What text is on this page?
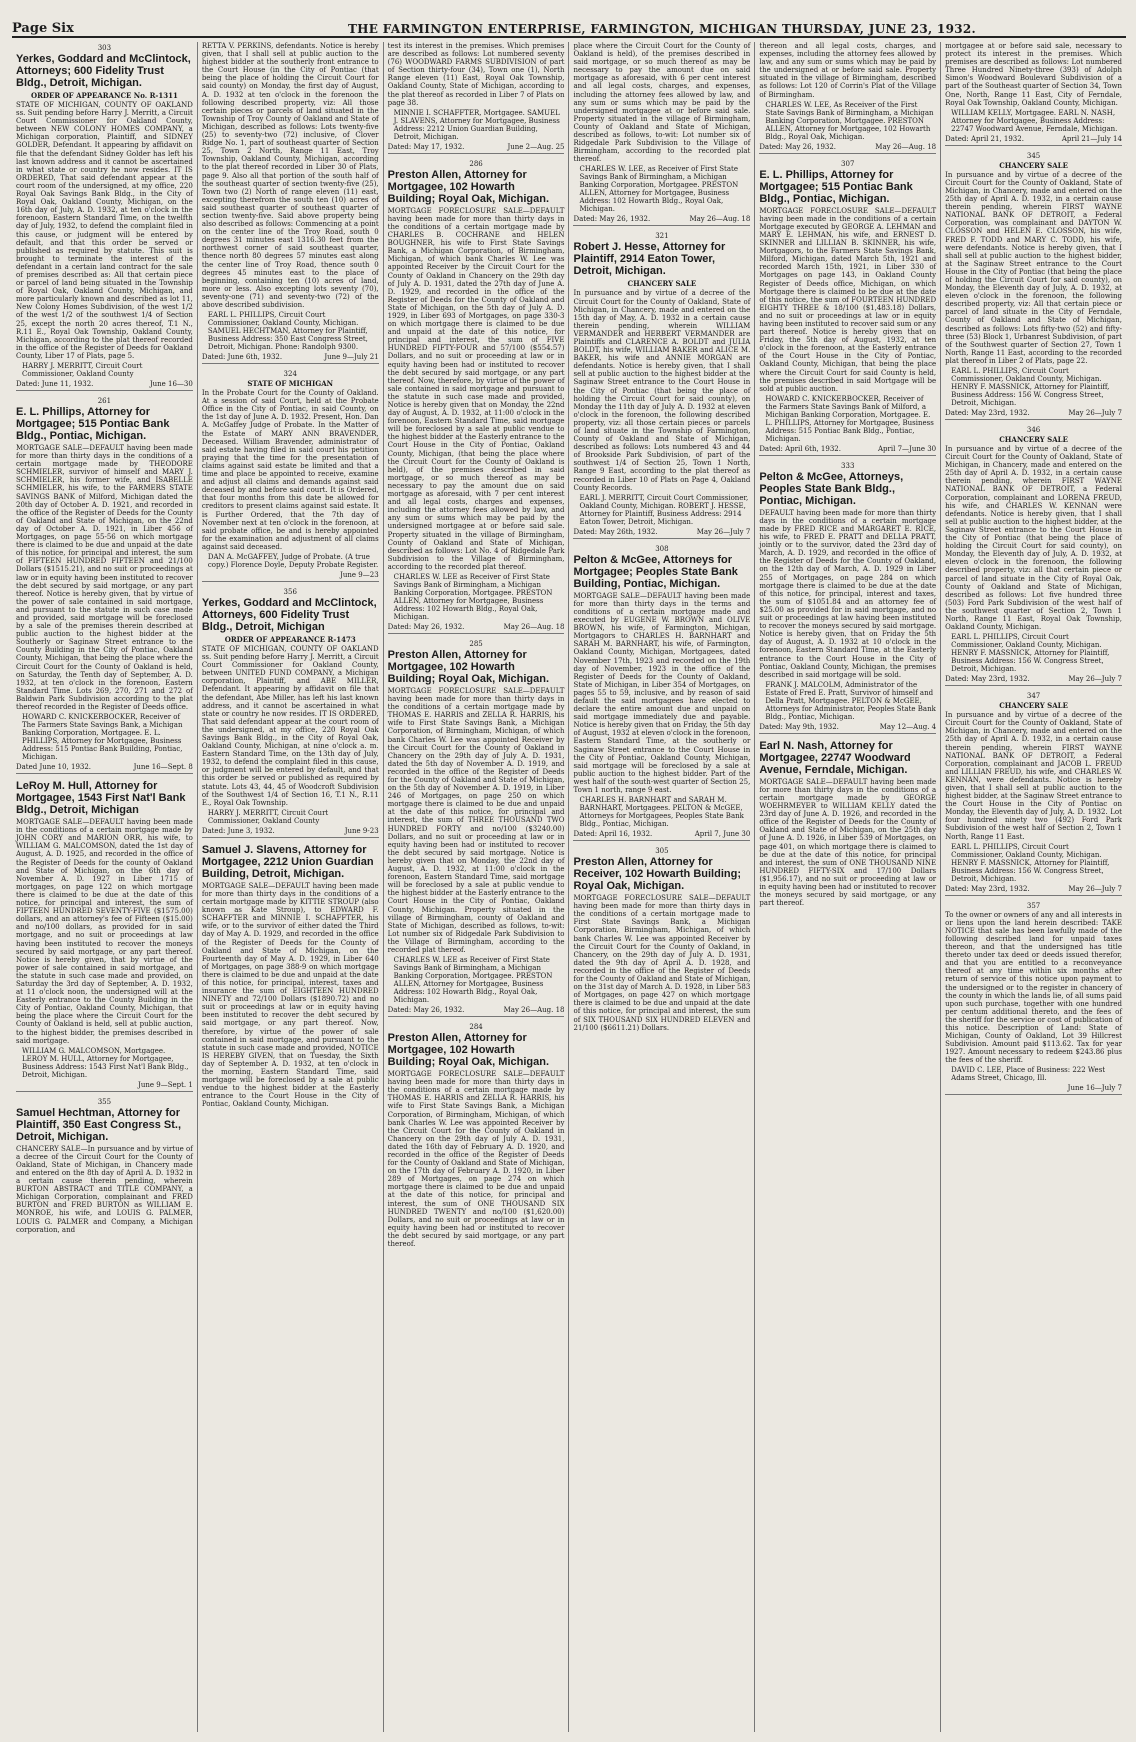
Page Six	THE FARMINGTON ENTERPRISE, FARMINGTON, MICHIGAN THURSDAY, JUNE 23, 1932.
303
Yerkes, Goddard and McClintock, Attorneys; 600 Fidelity Trust Bldg., Detroit, Michigan.
ORDER OF APPEARANCE No. R-1311

STATE OF MICHIGAN, COUNTY OF OAKLAND ss. Suit pending before Harry J. Merritt, a Circuit Court Commissioner for Oakland County, between NEW COLONY HOMES COMPANY, a Michigan corporation, Plaintiff, and SIDNEY GOLDER, Defendant. It appearing by affidavit on file that the defendant Sidney Golder has left his last known address and it cannot be ascertained in what state or country he now resides. IT IS ORDERED, That said defendant appear at the court room of the undersigned, at my office, 220 Royal Oak Savings Bank Bldg., in the City of Royal Oak, Oakland County, Michigan, on the 16th day of July, A. D. 1932, at ten o'clock in the forenoon, Eastern Standard Time, on the twelfth day of July, 1932, to defend the complaint filed in this cause, or judgment will be entered by default, and that this order be served or published as required by statute. This suit is brought to terminate the interest of the defendant in a certain land contract for the sale of premises described as: All that certain piece or parcel of land being situated in the Township of Royal Oak, Oakland County, Michigan, and more particularly known and described as lot 11, New Colony Homes Subdivision, of the west 1/2 of the west 1/2 of the southwest 1/4 of Section 25, except the north 20 acres thereof, T.1 N., R.11 E., Royal Oak Township, Oakland County, Michigan, according to the plat thereof recorded in the office of the Register of Deeds for Oakland County, Liber 17 of Plats, page 5.

HARRY J. MERRITT, Circuit Court Commissioner, Oakland County
Dated: June 11, 1932.	June 16—30
261
E. L. Phillips, Attorney for Mortgagee; 515 Pontiac Bank Bldg., Pontiac, Michigan.

MORTGAGE SALE—DEFAULT having been made for more than thirty days in the conditions of a certain mortgage made by THEODORE SCHMIELER, survivor of himself and MARY J. SCHMIELER, his former wife, and ISABELLE SCHMIELER, his wife, to the FARMERS STATE SAVINGS BANK of Milford, Michigan dated the 20th day of October A. D. 1921, and recorded in the office of the Register of Deeds for the County of Oakland and State of Michigan, on the 22nd day of October A. D. 1921, in Liber 456 of Mortgages, on page 55-56 on which mortgage there is claimed to be due and unpaid at the date of this notice, for principal and interest, the sum of FIFTEEN HUNDRED FIFTEEN and 21/100 Dollars ($1515.21), and no suit or proceedings at law or in equity having been instituted to recover the debt secured by said mortgage, or any part thereof. Notice is hereby given, that by virtue of the power of sale contained in said mortgage, and pursuant to the statute in such case made and provided, said mortgage will be foreclosed by a sale of the premises therein described at public auction to the highest bidder at the Southerly or Saginaw Street entrance to the County Building in the City of Pontiac, Oakland County, Michigan, that being the place where the Circuit Court for the County of Oakland is held, on Saturday, the Tenth day of September, A. D. 1932, at ten o'clock in the forenoon, Eastern Standard Time. Lots 269, 270, 271 and 272 of Baldwin Park Subdivision according to the plat thereof recorded in the Register of Deeds office.

HOWARD C. KNICKERBOCKER, Receiver of The Farmers State Savings Bank, a Michigan Banking Corporation, Mortgagee. E. L. PHILLIPS, Attorney for Mortgagee, Business Address: 515 Pontiac Bank Building, Pontiac, Michigan.
Dated June 10, 1932.	June 16—Sept. 8
LeRoy M. Hull, Attorney for Mortgagee, 1543 First Nat'l Bank Bldg., Detroit, Michigan

MORTGAGE SALE—DEFAULT having been made in the conditions of a certain mortgage made by JOHN CORY and MARION ORR, his wife, to WILLIAM G. MALCOMSON, dated the 1st day of August, A. D. 1925, and recorded in the office of the Register of Deeds for the county of Oakland and State of Michigan, on the 6th day of November A. D. 1927 in Liber 1715 of mortgages, on page 122 on which mortgage there is claimed to be due at the date of this notice, for principal and interest, the sum of FIFTEEN HUNDRED SEVENTY-FIVE ($1575.00) dollars, and an attorney's fee of Fifteen ($15.00) and no/100 dollars, as provided for in said mortgage, and no suit or proceedings at law having been instituted to recover the moneys secured by said mortgage, or any part thereof. Notice is hereby given, that by virtue of the power of sale contained in said mortgage, and the statute in such case made and provided, on Saturday the 3rd day of September, A. D. 1932, at 11 o'clock noon, the undersigned will at the Easterly entrance to the County Building in the City of Pontiac, Oakland County, Michigan, that being the place where the Circuit Court for the County of Oakland is held, sell at public auction, to the highest bidder, the premises described in said mortgage.

WILLIAM G. MALCOMSON, Mortgagee. LEROY M. HULL, Attorney for Mortgagee, Business Address: 1543 First Nat'l Bank Bldg., Detroit, Michigan.
June 9—Sept. 1
355
Samuel Hechtman, Attorney for Plaintiff, 350 East Congress St., Detroit, Michigan.

CHANCERY SALE—In pursuance and by virtue of a decree of the Circuit Court for the County of Oakland, State of Michigan, in Chancery made and entered on the 8th day of April A. D. 1932 in a certain cause therein pending, wherein BURTON ABSTRACT and TITLE COMPANY, a Michigan Corporation, complainant and FRED BURTON and FRED BURTON as WILLIAM E. MONROE, his wife, and LOUIS G. PALMER, LOUIS G. PALMER and Company, a Michigan corporation, and

RETTA V. PERKINS, defendants. Notice is hereby given, that I shall sell at public auction to the highest bidder at the southerly front entrance to the Court House (in the City of Pontiac (that being the place of holding the Circuit Court for said county) on Monday, the first day of August, A. D. 1932 at ten o'clock in the forenoon the following described property, viz: All those certain pieces or parcels of land situated in the Township of Troy County of Oakland and State of Michigan, described as follows: Lots twenty-five (25) to seventy-two (72) inclusive, of Clover Ridge No. 1, part of southeast quarter of Section 25, Town 2 North, Range 11 East, Troy Township, Oakland County, Michigan, according to the plat thereof recorded in Liber 30 of Plats, page 9. Also all that portion of the south half of the southeast quarter of section twenty-five (25), Town two (2) North of range eleven (11) east, excepting therefrom the south ten (10) acres of said southeast quarter of southeast quarter of section twenty-five. Said above property being also described as follows: Commencing at a point on the center line of the Troy Road, south 0 degrees 31 minutes east 1316.30 feet from the northwest corner of said southeast quarter, thence north 80 degrees 57 minutes east along the center line of Troy Road, thence south 0 degrees 45 minutes east to the place of beginning, containing ten (10) acres of land, more or less. Also excepting lots seventy (70), seventy-one (71) and seventy-two (72) of the above described subdivision.

EARL L. PHILLIPS, Circuit Court Commissioner, Oakland County, Michigan. SAMUEL HECHTMAN, Attorney for Plaintiff, Business Address: 350 East Congress Street, Detroit, Michigan. Phone: Randolph 9300.
Dated: June 6th, 1932.	June 9—July 21
324
STATE OF MICHIGAN

In the Probate Court for the County of Oakland. At a session of said Court, held at the Probate Office in the City of Pontiac, in said County, on the 1st day of June A. D. 1932. Present, Hon. Dan A. McGaffey Judge of Probate. In the Matter of the Estate of MARY ANN BRAVENDER, Deceased. William Bravender, administrator of said estate having filed in said court his petition praying that the time for the presentation of claims against said estate be limited and that a time and place be appointed to receive, examine and adjust all claims and demands against said deceased by and before said court. It is Ordered, that four months from this date be allowed for creditors to present claims against said estate. It is Further Ordered, that the 7th day of November next at ten o'clock in the forenoon, at said probate office, be and is hereby appointed for the examination and adjustment of all claims against said deceased.

DAN A. McGAFFEY, Judge of Probate. (A true copy.) Florence Doyle, Deputy Probate Register.
June 9—23
356
Yerkes, Goddard and McClintock, Attorneys, 600 Fidelity Trust Bldg., Detroit, Michigan
ORDER OF APPEARANCE R-1473

STATE OF MICHIGAN, COUNTY OF OAKLAND ss. Suit pending before Harry J. Merritt, a Circuit Court Commissioner for Oakland County, between UNITED FUND COMPANY, a Michigan corporation, Plaintiff, and ABE MILLER, Defendant. It appearing by affidavit on file that the defendant, Abe Miller, has left his last known address, and it cannot be ascertained in what state or country he now resides. IT IS ORDERED, That said defendant appear at the court room of the undersigned, at my office, 220 Royal Oak Savings Bank Bldg., in the City of Royal Oak, Oakland County, Michigan, at nine o'clock a. m. Eastern Standard Time, on the 13th day of July, 1932, to defend the complaint filed in this cause, or judgment will be entered by default, and that this order be served or published as required by statute. Lots 43, 44, 45 of Woodcroft Subdivision of the Southwest 1/4 of Section 16, T.1 N., R.11 E., Royal Oak Township.

HARRY J. MERRITT, Circuit Court Commissioner, Oakland County
Dated: June 3, 1932.	June 9-23
Samuel J. Slavens, Attorney for Mortgagee, 2212 Union Guardian Building, Detroit, Michigan.

MORTGAGE SALE—DEFAULT having been made for more than thirty days in the conditions of a certain mortgage made by KITTIE STROUP (also known as Kate Stroup), to EDWARD F. SCHAFFTER and MINNIE I. SCHAFFTER, his wife, or to the survivor of either dated the Third day of May A. D. 1929, and recorded in the office of the Register of Deeds for the County of Oakland and State of Michigan, on the Fourteenth day of May A. D. 1929, in Liber 640 of Mortgages, on page 388-9 on which mortgage there is claimed to be due and unpaid at the date of this notice, for principal, interest, taxes and insurance the sum of EIGHTEEN HUNDRED NINETY and 72/100 Dollars ($1890.72) and no suit or proceedings at law or in equity having been instituted to recover the debt secured by said mortgage, or any part thereof. Now, therefore, by virtue of the power of sale contained in said mortgage, and pursuant to the statute in such case made and provided, NOTICE IS HEREBY GIVEN, that on Tuesday, the Sixth day of September A. D. 1932, at ten o'clock in the morning, Eastern Standard Time, said mortgage will be foreclosed by a sale at public vendue to the highest bidder at the Easterly entrance to the Court House in the City of Pontiac, Oakland County, Michigan.

test its interest in the premises. Which premises are described as follows: Lot numbered seventy (76) WOODWARD FARMS SUBDIVISION of part of Section thirty-four (34), Town one (1), North Range eleven (11) East, Royal Oak Township, Oakland County, State of Michigan, according to the plat thereof as recorded in Liber 7 of Plats on page 38.

MINNIE I. SCHAFFTER, Mortgagee. SAMUEL J. SLAVENS, Attorney for Mortgagee, Business Address: 2212 Union Guardian Building, Detroit, Michigan.
Dated: May 17, 1932.	June 2—Aug. 25
286
Preston Allen, Attorney for Mortgagee, 102 Howarth Building; Royal Oak, Michigan.

MORTGAGE FORECLOSURE SALE—DEFAULT having been made for more than thirty days in the conditions of a certain mortgage made by CHARLES B. COCHRANE and HELEN BOUGHNER, his wife to First State Savings Bank, a Michigan Corporation, of Birmingham, Michigan, of which bank Charles W. Lee was appointed Receiver by the Circuit Court for the County of Oakland in Chancery on the 29th day of July A. D. 1931, dated the 27th day of June A. D. 1929, and recorded in the office of the Register of Deeds for the County of Oakland and State of Michigan, on the 5th day of July A. D. 1929, in Liber 693 of Mortgages, on page 330-3 on which mortgage there is claimed to be due and unpaid at the date of this notice, for principal and interest, the sum of FIVE HUNDRED FIFTY-FOUR and 57/100 ($554.57) Dollars, and no suit or proceeding at law or in equity having been had or instituted to recover the debt secured by said mortgage, or any part thereof. Now, therefore, by virtue of the power of sale contained in said mortgage and pursuant to the statute in such case made and provided, Notice is hereby given that on Monday, the 22nd day of August, A. D. 1932, at 11:00 o'clock in the forenoon, Eastern Standard Time, said mortgage will be foreclosed by a sale at public vendue to the highest bidder at the Easterly entrance to the Court House in the City of Pontiac, Oakland County, Michigan, (that being the place where the Circuit Court for the County of Oakland is held), of the premises described in said mortgage, or so much thereof as may be necessary to pay the amount due on said mortgage as aforesaid, with 7 per cent interest and all legal costs, charges and expenses, including the attorney fees allowed by law, and any sum or sums which may be paid by the undersigned mortgagee at or before said sale. Property situated in the village of Birmingham, County of Oakland and State of Michigan, described as follows: Lot No. 4 of Ridgedale Park Subdivision to the Village of Birmingham, according to the recorded plat thereof.

CHARLES W. LEE as Receiver of First State Savings Bank of Birmingham, a Michigan Banking Corporation, Mortgagee. PRESTON ALLEN, Attorney for Mortgagee, Business Address: 102 Howarth Bldg., Royal Oak, Michigan.
Dated: May 26, 1932.	May 26—Aug. 18
285
Preston Allen, Attorney for Mortgagee, 102 Howarth Building; Royal Oak, Michigan.

MORTGAGE FORECLOSURE SALE—DEFAULT having been made for more than thirty days in the conditions of a certain mortgage made by THOMAS E. HARRIS and ZELLA R. HARRIS, his wife to First State Savings Bank, a Michigan Corporation, of Birmingham, Michigan, of which bank Charles W. Lee was appointed Receiver by the Circuit Court for the County of Oakland in Chancery on the 29th day of July A. D. 1931, dated the 5th day of November A. D. 1919, and recorded in the office of the Register of Deeds for the County of Oakland and State of Michigan, on the 5th day of November A. D. 1919, in Liber 246 of Mortgages, on page 250 on which mortgage there is claimed to be due and unpaid at the date of this notice, for principal and interest, the sum of THREE THOUSAND TWO HUNDRED FORTY and no/100 ($3240.00) Dollars, and no suit or proceeding at law or in equity having been had or instituted to recover the debt secured by said mortgage. Notice is hereby given that on Monday, the 22nd day of August, A. D. 1932, at 11:00 o'clock in the forenoon, Eastern Standard Time, said mortgage will be foreclosed by a sale at public vendue to the highest bidder at the Easterly entrance to the Court House in the City of Pontiac, Oakland County, Michigan. Property situated in the village of Birmingham, county of Oakland and State of Michigan, described as follows, to-wit: Lot number six of Ridgedale Park Subdivision to the Village of Birmingham, according to the recorded plat thereof.

CHARLES W. LEE as Receiver of First State Savings Bank of Birmingham, a Michigan Banking Corporation, Mortgagee. PRESTON ALLEN, Attorney for Mortgagee, Business Address: 102 Howarth Bldg., Royal Oak, Michigan.
Dated: May 26, 1932.	May 26—Aug. 18
284
Preston Allen, Attorney for Mortgagee, 102 Howarth Building; Royal Oak, Michigan.

MORTGAGE FORECLOSURE SALE—DEFAULT having been made for more than thirty days in the conditions of a certain mortgage made by THOMAS E. HARRIS and ZELLA R. HARRIS, his wife to First State Savings Bank, a Michigan Corporation, of Birmingham, Michigan, of which bank Charles W. Lee was appointed Receiver by the Circuit Court for the County of Oakland in Chancery on the 29th day of July A. D. 1931, dated the 16th day of February A. D. 1920, and recorded in the office of the Register of Deeds for the County of Oakland and State of Michigan, on the 17th day of February A. D. 1920, in Liber 289 of Mortgages, on page 274 on which mortgage there is claimed to be due and unpaid at the date of this notice, for principal and interest, the sum of ONE THOUSAND SIX HUNDRED TWENTY and no/100 ($1,620.00) Dollars, and no suit or proceedings at law or in equity having been had or instituted to recover the debt secured by said mortgage, or any part thereof.

place where the Circuit Court for the County of Oakland is held), of the premises described in said mortgage, or so much thereof as may be necessary to pay the amount due on said mortgage as aforesaid, with 6 per cent interest and all legal costs, charges, and expenses, including the attorney fees allowed by law, and any sum or sums which may be paid by the undersigned mortgagee at or before said sale. Property situated in the village of Birmingham, County of Oakland and State of Michigan, described as follows, to-wit: Lot number six of Ridgedale Park Subdivision to the Village of Birmingham, according to the recorded plat thereof.

CHARLES W. LEE, as Receiver of First State Savings Bank of Birmingham, a Michigan Banking Corporation, Mortgagee. PRESTON ALLEN, Attorney for Mortgagee, Business Address: 102 Howarth Bldg., Royal Oak, Michigan.
Dated: May 26, 1932.	May 26—Aug. 18
321
Robert J. Hesse, Attorney for Plaintiff, 2914 Eaton Tower, Detroit, Michigan.
CHANCERY SALE

In pursuance and by virtue of a decree of the Circuit Court for the County of Oakland, State of Michigan, in Chancery, made and entered on the 15th day of May, A. D. 1932 in a certain cause therein pending, wherein WILLIAM VERMANDER and HERBERT VERMANDER are Plaintiffs and CLARENCE A. BOLDT and JULIA BOLDT, his wife, WILLIAM BAKER and ALICE M. BAKER, his wife and ANNIE MORGAN are defendants. Notice is hereby given, that I shall sell at public auction to the highest bidder at the Saginaw Street entrance to the Court House in the City of Pontiac (that being the place of holding the Circuit Court for said county), on Monday the 11th day of July A. D. 1932 at eleven o'clock in the forenoon, the following described property, viz: all those certain pieces or parcels of land situate in the Township of Farmington, County of Oakland and State of Michigan, described as follows: Lots numbered 43 and 44 of Brookside Park Subdivision, of part of the southwest 1/4 of Section 25, Town 1 North, Range 9 East, according to the plat thereof as recorded in Liber 10 of Plats on Page 4, Oakland County Records.

EARL J. MERRITT, Circuit Court Commissioner, Oakland County, Michigan. ROBERT J. HESSE, Attorney for Plaintiff, Business Address: 2914 Eaton Tower, Detroit, Michigan.
Dated: May 26th, 1932.	May 26—July 7
308
Pelton & McGee, Attorneys for Mortgagee; Peoples State Bank Building, Pontiac, Michigan.

MORTGAGE SALE—DEFAULT having been made for more than thirty days in the terms and conditions of a certain mortgage made and executed by EUGENE W. BROWN and OLIVE BROWN, his wife, of Farmington, Michigan, Mortgagors to CHARLES H. BARNHART and SARAH M. BARNHART, his wife, of Farmington, Oakland County, Michigan, Mortgagees, dated November 17th, 1923 and recorded on the 19th day of November, 1923 in the office of the Register of Deeds for the County of Oakland, State of Michigan, in Liber 354 of Mortgages, on pages 55 to 59, inclusive, and by reason of said default the said mortgagees have elected to declare the entire amount due and unpaid on said mortgage immediately due and payable. Notice is hereby given that on Friday, the 5th day of August, 1932 at eleven o'clock in the forenoon, Eastern Standard Time, at the southerly or Saginaw Street entrance to the Court House in the City of Pontiac, Oakland County, Michigan, said mortgage will be foreclosed by a sale at public auction to the highest bidder. Part of the west half of the south-west quarter of Section 25, Town 1 north, range 9 east.

CHARLES H. BARNHART and SARAH M. BARNHART, Mortgagees. PELTON & McGEE, Attorneys for Mortgagees, Peoples State Bank Bldg., Pontiac, Michigan.
Dated: April 16, 1932.	April 7, June 30
305
Preston Allen, Attorney for Receiver, 102 Howarth Building; Royal Oak, Michigan.

MORTGAGE FORECLOSURE SALE—DEFAULT having been made for more than thirty days in the conditions of a certain mortgage made to First State Savings Bank, a Michigan Corporation, Birmingham, Michigan, of which bank Charles W. Lee was appointed Receiver by the Circuit Court for the County of Oakland, in Chancery, on the 29th day of July A. D. 1931, dated the 9th day of April A. D. 1928, and recorded in the office of the Register of Deeds for the County of Oakland and State of Michigan, on the 31st day of March A. D. 1928, in Liber 583 of Mortgages, on page 427 on which mortgage there is claimed to be due and unpaid at the date of this notice, for principal and interest, the sum of SIX THOUSAND SIX HUNDRED ELEVEN and 21/100 ($6611.21) Dollars.

thereon and all legal costs, charges, and expenses, including the attorney fees allowed by law, and any sum or sums which may be paid by the undersigned at or before said sale. Property situated in the village of Birmingham, described as follows: Lot 120 of Corrin's Plat of the Village of Birmingham.

CHARLES W. LEE, As Receiver of the First State Savings Bank of Birmingham, a Michigan Banking Corporation, Mortgagee. PRESTON ALLEN, Attorney for Mortgagee, 102 Howarth Bldg., Royal Oak, Michigan.
Dated: May 26, 1932.	May 26—Aug. 18
307
E. L. Phillips, Attorney for Mortgagee; 515 Pontiac Bank Bldg., Pontiac, Michigan.

MORTGAGE FORECLOSURE SALE—DEFAULT having been made in the conditions of a certain Mortgage executed by GEORGE A. LEHMAN and MARY E. LEHMAN, his wife, and ERNEST D. SKINNER and LILLIAN B. SKINNER, his wife, Mortgagors, to the Farmers State Savings Bank, Milford, Michigan, dated March 5th, 1921 and recorded March 15th, 1921, in Liber 330 of Mortgages on page 143, in Oakland County Register of Deeds office, Michigan, on which Mortgage there is claimed to be due at the date of this notice, the sum of FOURTEEN HUNDRED EIGHTY THREE & 18/100 ($1,483.18) Dollars, and no suit or proceedings at law or in equity having been instituted to recover said sum or any part thereof. Notice is hereby given that on Friday, the 5th day of August, 1932, at ten o'clock in the forenoon, at the Easterly entrance of the Court House in the City of Pontiac, Oakland County, Michigan, that being the place where the Circuit Court for said County is held, the premises described in said Mortgage will be sold at public auction.

HOWARD C. KNICKERBOCKER, Receiver of the Farmers State Savings Bank of Milford, a Michigan Banking Corporation, Mortgagee. E. L. PHILLIPS, Attorney for Mortgagee, Business Address: 515 Pontiac Bank Bldg., Pontiac, Michigan.
Dated: April 6th, 1932.	April 7—June 30
333
Pelton & McGee, Attorneys, Peoples State Bank Bldg., Pontiac, Michigan.

DEFAULT having been made for more than thirty days in the conditions of a certain mortgage made by FRED RICE and MARGARET E. RICE, his wife, to FRED E. PRATT and DELLA PRATT, jointly or to the survivor, dated the 23rd day of March, A. D. 1929, and recorded in the office of the Register of Deeds for the County of Oakland, on the 12th day of March, A. D. 1929 in Liber 255 of Mortgages, on page 284 on which mortgage there is claimed to be due at the date of this notice, for principal, interest and taxes, the sum of $1051.84 and an attorney fee of $25.00 as provided for in said mortgage, and no suit or proceedings at law having been instituted to recover the moneys secured by said mortgage. Notice is hereby given, that on Friday the 5th day of August, A. D. 1932 at 10 o'clock in the forenoon, Eastern Standard Time, at the Easterly entrance to the Court House in the City of Pontiac, Oakland County, Michigan, the premises described in said mortgage will be sold.

FRANK J. MALCOLM, Administrator of the Estate of Fred E. Pratt, Survivor of himself and Della Pratt, Mortgagee. PELTON & McGEE, Attorneys for Administrator, Peoples State Bank Bldg., Pontiac, Michigan.
Dated: May 9th, 1932.	May 12—Aug. 4
Earl N. Nash, Attorney for Mortgagee, 22747 Woodward Avenue, Ferndale, Michigan.

MORTGAGE SALE—DEFAULT having been made for more than thirty days in the conditions of a certain mortgage made by GEORGE WOEHRMEYER to WILLIAM KELLY dated the 23rd day of June A. D. 1926, and recorded in the office of the Register of Deeds for the County of Oakland and State of Michigan, on the 25th day of June A. D. 1926, in Liber 539 of Mortgages, on page 401, on which mortgage there is claimed to be due at the date of this notice, for principal and interest, the sum of ONE THOUSAND NINE HUNDRED FIFTY-SIX and 17/100 Dollars ($1,956.17), and no suit or proceeding at law or in equity having been had or instituted to recover the moneys secured by said mortgage, or any part thereof.

mortgagee at or before said sale, necessary to protect its interest in the premises. Which premises are described as follows: Lot numbered Three Hundred Ninety-three (393) of Adolph Simon's Woodward Boulevard Subdivision of a part of the Southeast quarter of Section 34, Town One, North, Range 11 East, City of Ferndale, Royal Oak Township, Oakland County, Michigan.

WILLIAM KELLY, Mortgagee. EARL N. NASH, Attorney for Mortgagee, Business Address: 22747 Woodward Avenue, Ferndale, Michigan.
Dated: April 21, 1932.	April 21—July 14
345
CHANCERY SALE

In pursuance and by virtue of a decree of the Circuit Court for the County of Oakland, State of Michigan, in Chancery, made and entered on the 25th day of April A. D. 1932, in a certain cause therein pending, wherein FIRST WAYNE NATIONAL BANK OF DETROIT, a Federal Corporation, was complainant and DAYTON W. CLOSSON and HELEN E. CLOSSON, his wife, FRED F. TODD and MARY C. TODD, his wife, were defendants. Notice is hereby given, that I shall sell at public auction to the highest bidder, at the Saginaw Street entrance to the Court House in the City of Pontiac (that being the place of holding the Circuit Court for said county), on Monday, the Eleventh day of July, A. D. 1932, at eleven o'clock in the forenoon, the following described property, viz: All that certain piece or parcel of land situate in the City of Ferndale, County of Oakland and State of Michigan, described as follows: Lots fifty-two (52) and fifty-three (53) Block 1, Urbanrest Subdivision, of part of the Southwest quarter of Section 27, Town 1 North, Range 11 East, according to the recorded plat thereof in Liber 2 of Plats, page 22.

EARL L. PHILLIPS, Circuit Court Commissioner, Oakland County, Michigan. HENRY F. MASSNICK, Attorney for Plaintiff, Business Address: 156 W. Congress Street, Detroit, Michigan.
Dated: May 23rd, 1932.	May 26—July 7
346
CHANCERY SALE

In pursuance and by virtue of a decree of the Circuit Court for the County of Oakland, State of Michigan, in Chancery, made and entered on the 25th day of April A. D. 1932, in a certain cause therein pending, wherein FIRST WAYNE NATIONAL BANK OF DETROIT, a Federal Corporation, complainant and LORENA FREUD, his wife, and CHARLES W. KENNAN were defendants. Notice is hereby given, that I shall sell at public auction to the highest bidder, at the Saginaw Street entrance to the Court House in the City of Pontiac (that being the place of holding the Circuit Court for said county), on Monday, the Eleventh day of July, A. D. 1932, at eleven o'clock in the forenoon, the following described property, viz: all that certain piece or parcel of land situate in the City of Royal Oak, County of Oakland and State of Michigan, described as follows: Lot five hundred three (503) Ford Park Subdivision of the west half of the southwest quarter of Section 2, Town 1 North, Range 11 East, Royal Oak Township, Oakland County, Michigan.

EARL L. PHILLIPS, Circuit Court Commissioner, Oakland County, Michigan. HENRY F. MASSNICK, Attorney for Plaintiff, Business Address: 156 W. Congress Street, Detroit, Michigan.
Dated: May 23rd, 1932.	May 26—July 7
347
CHANCERY SALE

In pursuance and by virtue of a decree of the Circuit Court for the County of Oakland, State of Michigan, in Chancery, made and entered on the 25th day of April A. D. 1932, in a certain cause therein pending, wherein FIRST WAYNE NATIONAL BANK OF DETROIT, a Federal Corporation, complainant and JACOB L. FREUD and LILLIAN FREUD, his wife, and CHARLES W. KENNAN, were defendants. Notice is hereby given, that I shall sell at public auction to the highest bidder, at the Saginaw Street entrance to the Court House in the City of Pontiac on Monday, the Eleventh day of July, A. D. 1932. Lot four hundred ninety two (492) Ford Park Subdivision of the west half of Section 2, Town 1 North, Range 11 East.

EARL L. PHILLIPS, Circuit Court Commissioner, Oakland County, Michigan. HENRY F. MASSNICK, Attorney for Plaintiff, Business Address: 156 W. Congress Street, Detroit, Michigan.
Dated: May 23rd, 1932.	May 26—July 7
357

To the owner or owners of any and all interests in or liens upon the land herein described: TAKE NOTICE that sale has been lawfully made of the following described land for unpaid taxes thereon, and that the undersigned has title thereto under tax deed or deeds issued therefor, and that you are entitled to a reconveyance thereof at any time within six months after return of service of this notice upon payment to the undersigned or to the register in chancery of the county in which the lands lie, of all sums paid upon such purchase, together with one hundred per centum additional thereto, and the fees of the sheriff for the service or cost of publication of this notice. Description of Land: State of Michigan, County of Oakland, Lot 39 Hillcrest Subdivision. Amount paid $113.62. Tax for year 1927. Amount necessary to redeem $243.86 plus the fees of the sheriff.

DAVID C. LEE, Place of Business: 222 West Adams Street, Chicago, Ill.
June 16—July 7
